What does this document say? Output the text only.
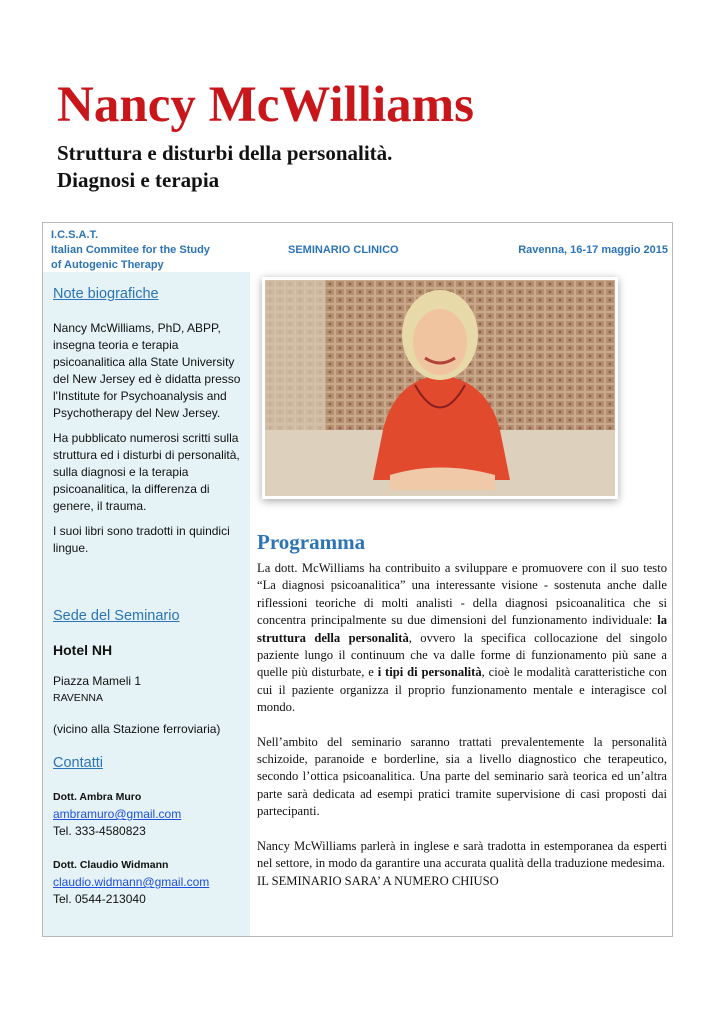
Nancy McWilliams
Struttura e disturbi della personalità.
Diagnosi e terapia
I.C.S.A.T.
Italian Commitee for the Study
of Autogenic Therapy
SEMINARIO CLINICO	Ravenna, 16-17 maggio 2015
Note biografiche

Nancy McWilliams, PhD, ABPP, insegna teoria e terapia psicoanalitica alla State University del New Jersey ed è didatta presso l'Institute for Psychoanalysis and Psychotherapy del New Jersey.

Ha pubblicato numerosi scritti sulla struttura ed i disturbi di personalità, sulla diagnosi e la terapia psicoanalitica, la differenza di genere, il trauma.

I suoi libri sono tradotti in quindici lingue.

Sede del Seminario

Hotel NH

Piazza Mameli 1

RAVENNA

(vicino alla Stazione ferroviaria)

Contatti

Dott. Ambra Muro

ambramuro@gmail.com

Tel. 333-4580823

Dott. Claudio Widmann

claudio.widmann@gmail.com

Tel. 0544-213040

Programma

La dott. McWilliams ha contribuito a sviluppare e promuovere con il suo testo “La diagnosi psicoanalitica” una interessante visione - sostenuta anche dalle riflessioni teoriche di molti analisti - della diagnosi psicoanalitica che si concentra principalmente su due dimensioni del funzionamento individuale: la struttura della personalità, ovvero la specifica collocazione del singolo paziente lungo il continuum che va dalle forme di funzionamento più sane a quelle più disturbate, e i tipi di personalità, cioè le modalità caratteristiche con cui il paziente organizza il proprio funzionamento mentale e interagisce col mondo.

Nell’ambito del seminario saranno trattati prevalentemente la personalità schizoide, paranoide e borderline, sia a livello diagnostico che terapeutico, secondo l’ottica psicoanalitica. Una parte del seminario sarà teorica ed un’altra parte sarà dedicata ad esempi pratici tramite supervisione di casi proposti dai partecipanti.

Nancy McWilliams parlerà in inglese e sarà tradotta in estemporanea da esperti nel settore, in modo da garantire una accurata qualità della traduzione medesima.

IL SEMINARIO SARA’ A NUMERO CHIUSO
